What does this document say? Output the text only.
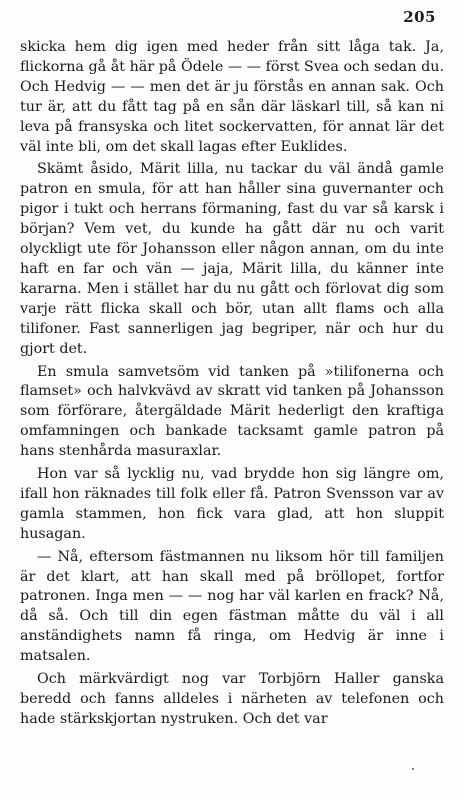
205

skicka hem dig igen med heder från sitt låga tak. Ja, flickorna gå åt här på Ödele — — först Svea och sedan du. Och Hedvig — — men det är ju förstås en annan sak. Och tur är, att du fått tag på en sån där läskarl till, så kan ni leva på fransyska och litet sockervatten, för annat lär det väl inte bli, om det skall lagas efter Euklides.

Skämt åsido, Märit lilla, nu tackar du väl ändå gamle patron en smula, för att han håller sina guvernanter och pigor i tukt och herrans förmaning, fast du var så karsk i början? Vem vet, du kunde ha gått där nu och varit olyckligt ute för Johansson eller någon annan, om du inte haft en far och vän — jaja, Märit lilla, du känner inte kararna. Men i stället har du nu gått och förlovat dig som varje rätt flicka skall och bör, utan allt flams och alla tilifoner. Fast sannerligen jag begriper, när och hur du gjort det.

En smula samvetsöm vid tanken på »tilifonerna och flamset» och halvkvävd av skratt vid tanken på Johansson som förförare, återgäldade Märit hederligt den kraftiga omfamningen och bankade tacksamt gamle patron på hans stenhårda masuraxlar.

Hon var så lycklig nu, vad brydde hon sig längre om, ifall hon räknades till folk eller få. Patron Svensson var av gamla stammen, hon fick vara glad, att hon sluppit husagan.

— Nå, eftersom fästmannen nu liksom hör till familjen är det klart, att han skall med på bröllopet, fortfor patronen. Inga men — — nog har väl karlen en frack? Nå, då så. Och till din egen fästman måtte du väl i all anständighets namn få ringa, om Hedvig är inne i matsalen.

Och märkvärdigt nog var Torbjörn Haller ganska beredd och fanns alldeles i närheten av telefonen och hade stärkskjortan nystruken. Och det var
